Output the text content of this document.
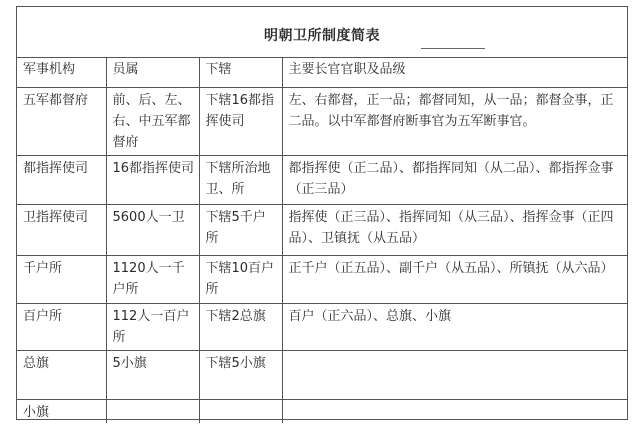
明朝卫所制度简表
军事机构	员属	下辖	主要长官官职及品级
五军都督府	前、后、左、右、中五军都督府	下辖16都指挥使司	左、右都督，正一品；都督同知，从一品；都督佥事，正二品。以中军都督府断事官为五军断事官。
都指挥使司	16都指挥使司	下辖所治地卫、所	都指挥使（正二品）、都指挥同知（从二品）、都指挥佥事（正三品）
卫指挥使司	5600人一卫	下辖5千户所	指挥使（正三品）、指挥同知（从三品）、指挥佥事（正四品）、卫镇抚（从五品）
千户所	1120人一千户所	下辖10百户所	正千户（正五品）、副千户（从五品）、所镇抚（从六品）
百户所	112人一百户所	下辖2总旗	百户（正六品）、总旗、小旗
总旗	5小旗	下辖5小旗	
小旗			
